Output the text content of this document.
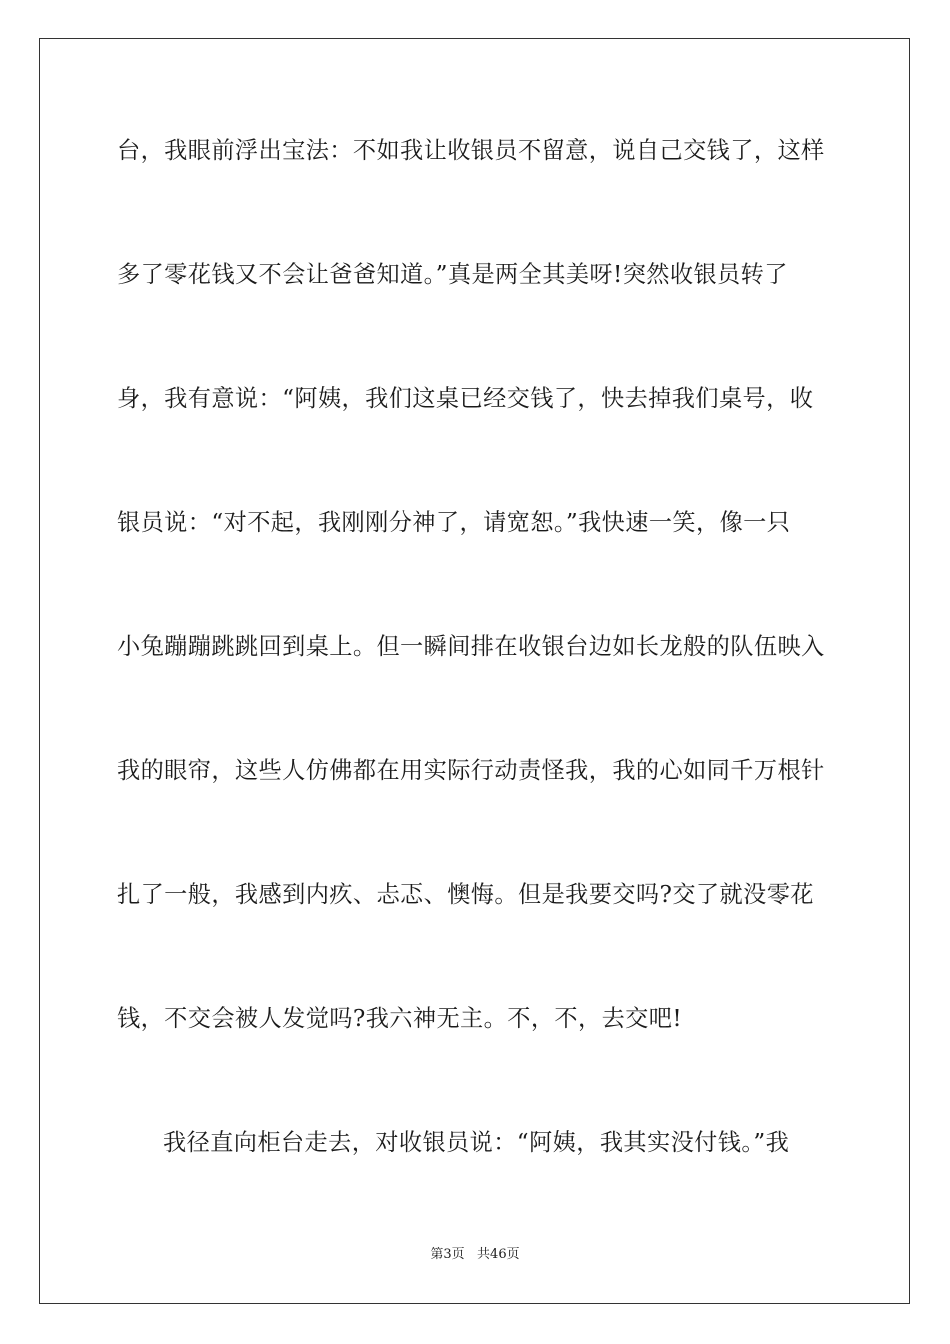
台，我眼前浮出宝法：不如我让收银员不留意，说自己交钱了，这样
多了零花钱又不会让爸爸知道。”真是两全其美呀!突然收银员转了
身，我有意说：“阿姨，我们这桌已经交钱了，快去掉我们桌号，收
银员说：“对不起，我刚刚分神了，请宽恕。”我快速一笑，像一只
小兔蹦蹦跳跳回到桌上。但一瞬间排在收银台边如长龙般的队伍映入
我的眼帘，这些人仿佛都在用实际行动责怪我，我的心如同千万根针
扎了一般，我感到内疚、忐忑、懊悔。但是我要交吗?交了就没零花
钱，不交会被人发觉吗?我六神无主。不，不，去交吧!
我径直向柜台走去，对收银员说：“阿姨，我其实没付钱。”我
第3页   共46页
